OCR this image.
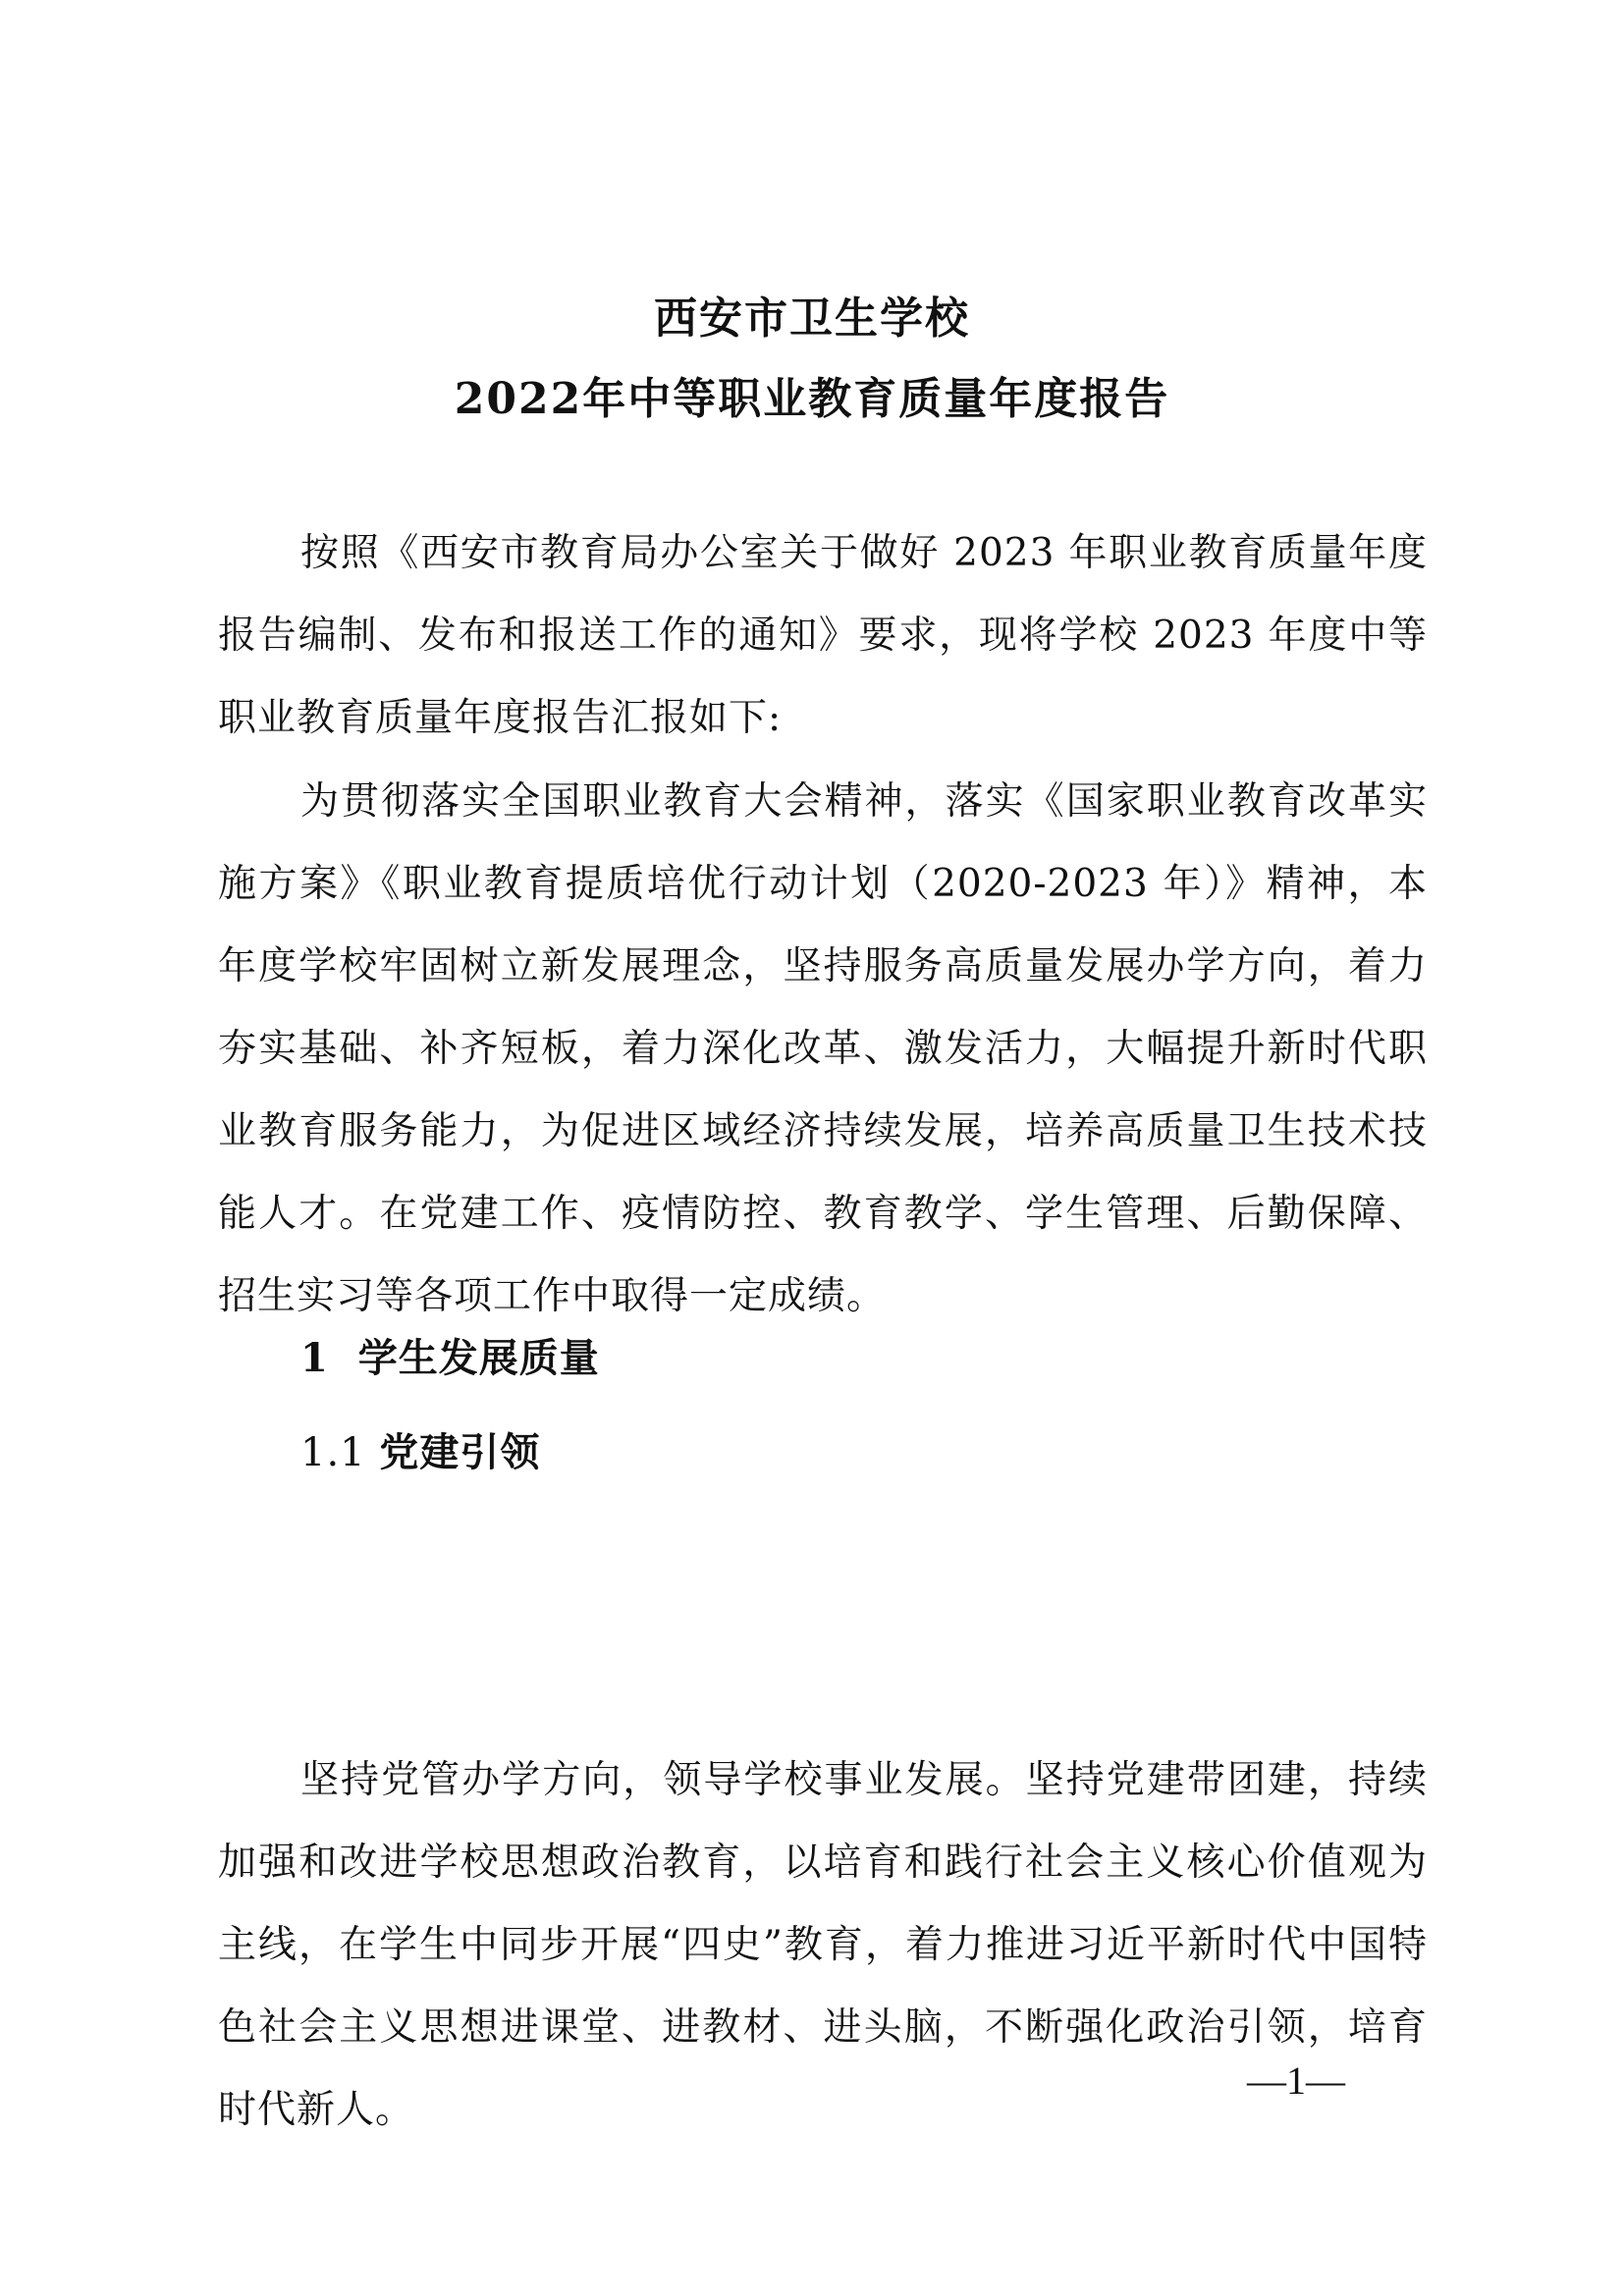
西安市卫生学校
2022年中等职业教育质量年度报告

按照《西安市教育局办公室关于做好 2023 年职业教育质量年度报告编制、发布和报送工作的通知》要求，现将学校 2023 年度中等职业教育质量年度报告汇报如下:

为贯彻落实全国职业教育大会精神，落实《国家职业教育改革实施方案》《职业教育提质培优行动计划（2020-2023 年）》精神，本年度学校牢固树立新发展理念，坚持服务高质量发展办学方向，着力夯实基础、补齐短板，着力深化改革、激发活力，大幅提升新时代职业教育服务能力，为促进区域经济持续发展，培养高质量卫生技术技能人才。在党建工作、疫情防控、教育教学、学生管理、后勤保障、招生实习等各项工作中取得一定成绩。

1 学生发展质量
1.1 党建引领

坚持党管办学方向，领导学校事业发展。坚持党建带团建，持续加强和改进学校思想政治教育，以培育和践行社会主义核心价值观为主线，在学生中同步开展“四史”教育，着力推进习近平新时代中国特色社会主义思想进课堂、进教材、进头脑，不断强化政治引领，培育时代新人。

—1—
